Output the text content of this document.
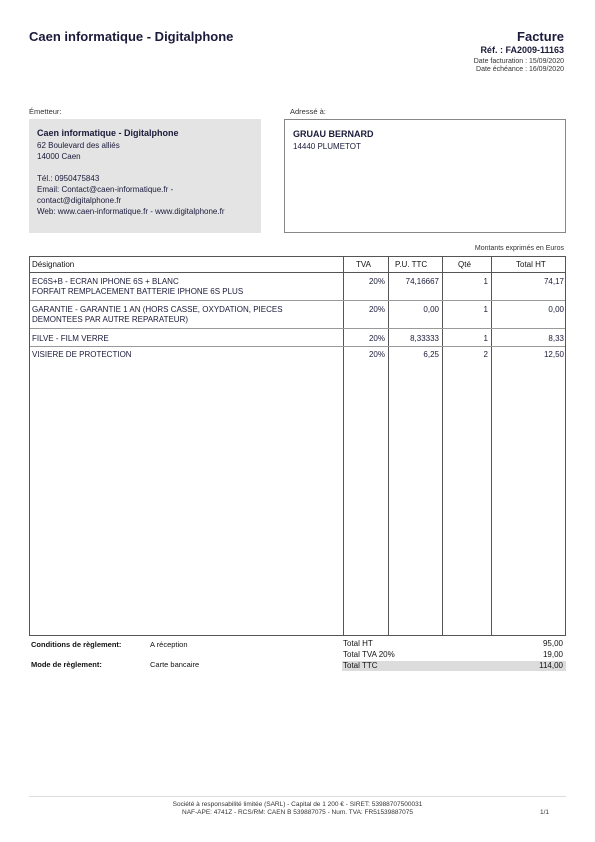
Caen informatique - Digitalphone	Facture
Réf. : FA2009-11163
Date facturation : 15/09/2020
Date échéance : 16/09/2020
Émetteur:	Adressé à:
Caen informatique - Digitalphone
62 Boulevard des alliés
14000 Caen
Tél.: 0950475843
Email: Contact@caen-informatique.fr -
contact@digitalphone.fr
Web: www.caen-informatique.fr - www.digitalphone.fr
GRUAU BERNARD
14440 PLUMETOT
Montants exprimés en Euros
Désignation	TVA	P.U. TTC	Qté	Total HT
EC6S+B - ECRAN IPHONE 6S + BLANC
FORFAIT REMPLACEMENT BATTERIE IPHONE 6S PLUS
20%	74,16667	1	74,17
GARANTIE - GARANTIE 1 AN (HORS CASSE, OXYDATION, PIECES
DEMONTEES PAR AUTRE REPARATEUR)
20%	0,00	1	0,00
FILVE - FILM VERRE	20%	8,33333	1	8,33
VISIERE DE PROTECTION	20%	6,25	2	12,50
Conditions de règlement:	A réception
Mode de règlement:	Carte bancaire
Total HT	95,00
Total TVA 20%	19,00
Total TTC	114,00
Société à responsabilité limitée (SARL) - Capital de 1 200 € - SIRET: 53988707500031
NAF-APE: 4741Z - RCS/RM: CAEN B 539887075 - Num. TVA: FR51539887075	1/1
